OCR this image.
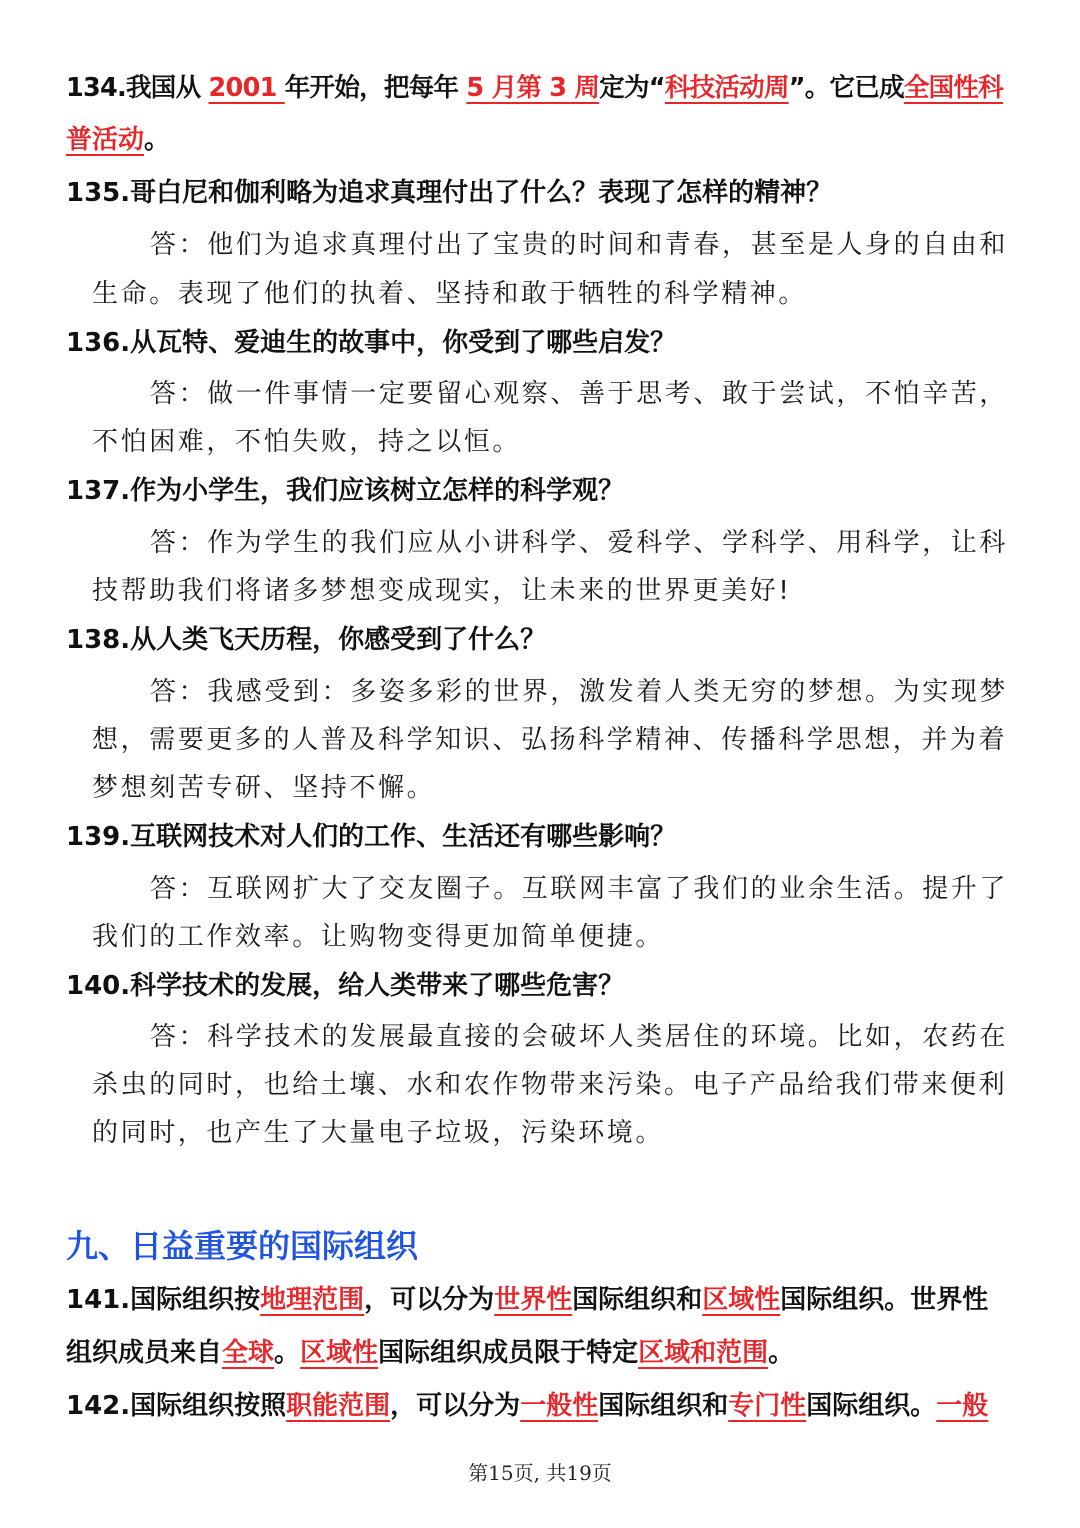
134.我国从 2001 年开始，把每年 5 月第 3 周定为“科技活动周”。它已成全国性科
普活动。
135.哥白尼和伽利略为追求真理付出了什么？表现了怎样的精神？
答：他们为追求真理付出了宝贵的时间和青春，甚至是人身的自由和
生命。表现了他们的执着、坚持和敢于牺牲的科学精神。
136.从瓦特、爱迪生的故事中，你受到了哪些启发？
答：做一件事情一定要留心观察、善于思考、敢于尝试，不怕辛苦，
不怕困难，不怕失败，持之以恒。
137.作为小学生，我们应该树立怎样的科学观？
答：作为学生的我们应从小讲科学、爱科学、学科学、用科学，让科
技帮助我们将诸多梦想变成现实，让未来的世界更美好!
138.从人类飞天历程，你感受到了什么？
答：我感受到：多姿多彩的世界，激发着人类无穷的梦想。为实现梦
想，需要更多的人普及科学知识、弘扬科学精神、传播科学思想，并为着
梦想刻苦专研、坚持不懈。
139.互联网技术对人们的工作、生活还有哪些影响？
答：互联网扩大了交友圈子。互联网丰富了我们的业余生活。提升了
我们的工作效率。让购物变得更加简单便捷。
140.科学技术的发展，给人类带来了哪些危害？
答：科学技术的发展最直接的会破坏人类居住的环境。比如，农药在
杀虫的同时，也给土壤、水和农作物带来污染。电子产品给我们带来便利
的同时，也产生了大量电子垃圾，污染环境。
九、日益重要的国际组织
141.国际组织按地理范围，可以分为世界性国际组织和区域性国际组织。世界性
组织成员来自全球。区域性国际组织成员限于特定区域和范围。
142.国际组织按照职能范围，可以分为一般性国际组织和专门性国际组织。一般
第15页, 共19页
